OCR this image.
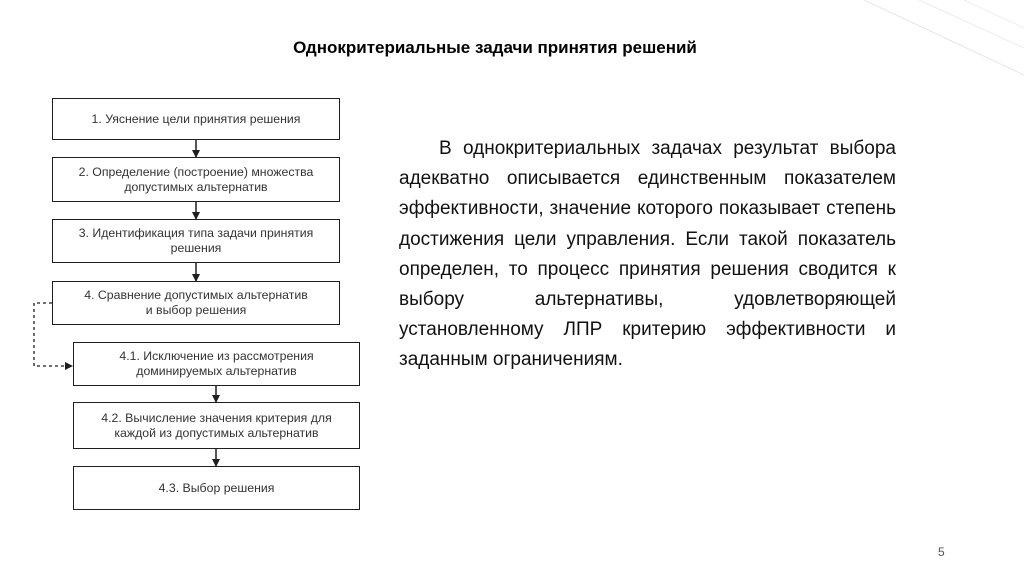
Однокритериальные задачи принятия решений
1. Уяснение цели принятия решения
2. Определение (построение) множества
допустимых альтернатив
3. Идентификация типа задачи принятия
решения
4. Сравнение допустимых альтернатив
и выбор решения
4.1. Исключение из рассмотрения
доминируемых альтернатив
4.2. Вычисление значения критерия для
каждой из допустимых альтернатив
4.3. Выбор решения
В однокритериальных задачах результат выбора адекватно описывается единственным показателем эффективности, значение которого показывает степень достижения цели управления. Если такой показатель определен, то процесс принятия решения сводится к выбору альтернативы, удовлетворяющей установленному ЛПР критерию эффективности и заданным ограничениям.
5
